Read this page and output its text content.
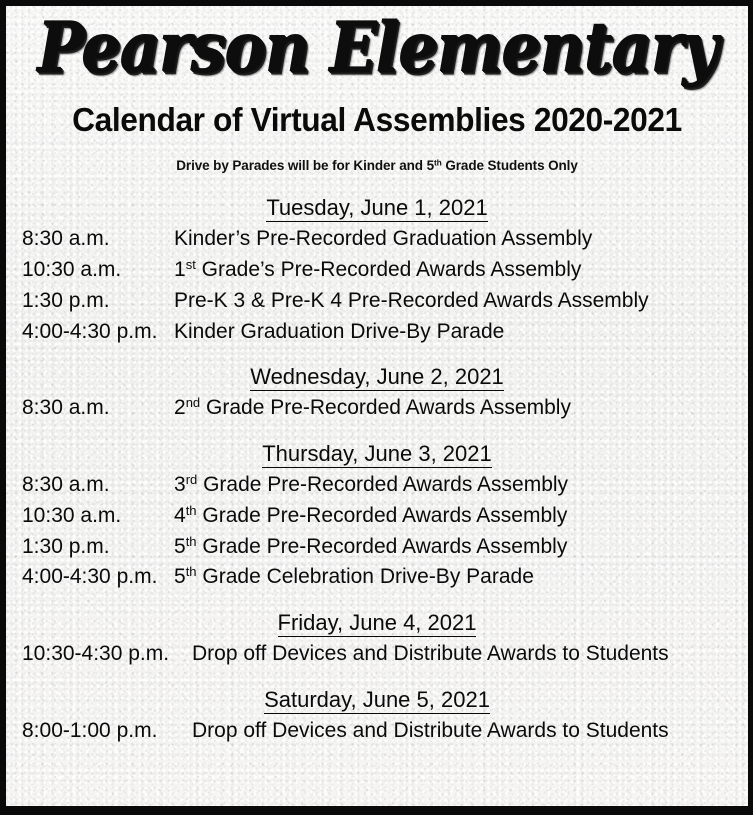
Pearson Elementary
Calendar of Virtual Assemblies 2020-2021

Drive by Parades will be for Kinder and 5th Grade Students Only

Tuesday, June 1, 2021
8:30 a.m.	Kinder’s Pre-Recorded Graduation Assembly
10:30 a.m.	1st Grade’s Pre-Recorded Awards Assembly
1:30 p.m.	Pre-K 3 & Pre-K 4 Pre-Recorded Awards Assembly
4:00-4:30 p.m. Kinder Graduation Drive-By Parade
Wednesday, June 2, 2021
8:30 a.m.	2nd Grade Pre-Recorded Awards Assembly
Thursday, June 3, 2021
8:30 a.m.	3rd Grade Pre-Recorded Awards Assembly
10:30 a.m.	4th Grade Pre-Recorded Awards Assembly
1:30 p.m.	5th Grade Pre-Recorded Awards Assembly
4:00-4:30 p.m. 5th Grade Celebration Drive-By Parade
Friday, June 4, 2021
10:30-4:30 p.m.	Drop off Devices and Distribute Awards to Students
Saturday, June 5, 2021
8:00-1:00 p.m.	Drop off Devices and Distribute Awards to Students
